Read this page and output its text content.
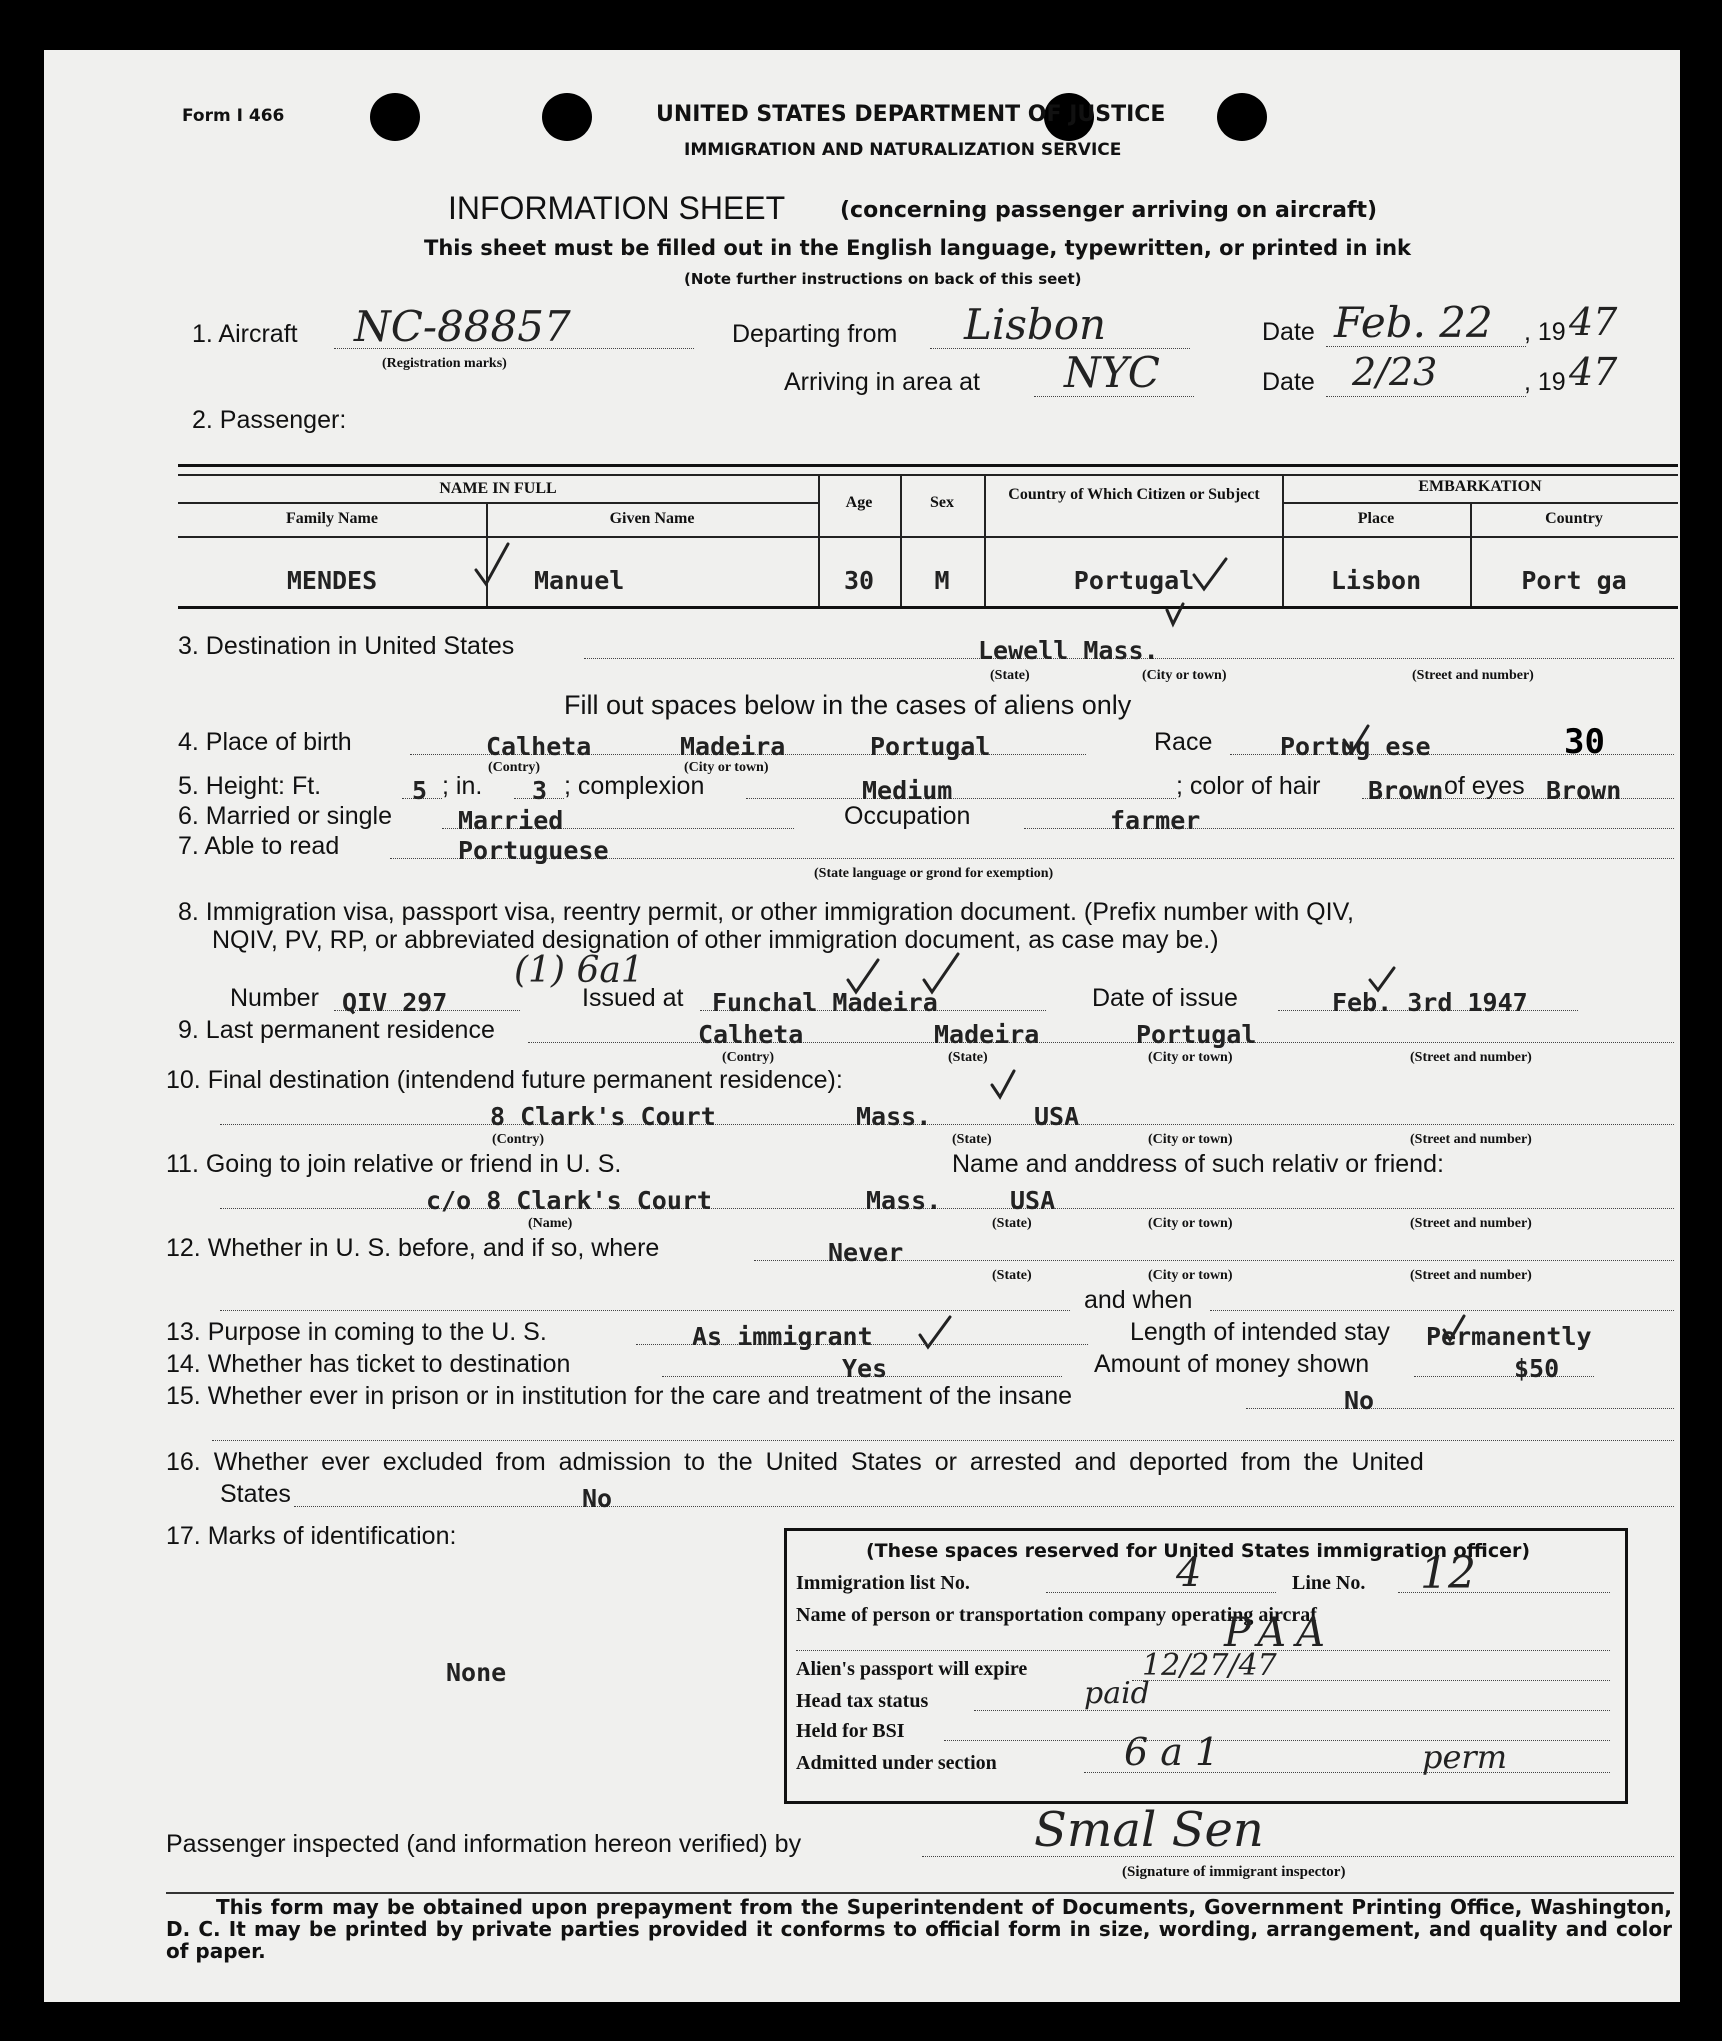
Form I 466	UNITED STATES DEPARTMENT OF JUSTICE
IMMIGRATION AND NATURALIZATION SERVICE
INFORMATION SHEET (concerning passenger arriving on aircraft)
This sheet must be filled out in the English language, typewritten, or printed in ink
(Note further instructions on back of this seet)
1. Aircraft NC-88857
(Registration marks)
Departing from Lisbon	Date Feb. 22 , 19 47
Arriving in area at NYC	Date 2/23	, 19 47
2. Passenger:
NAME IN FULL
Family Name	Given Name
Age	Sex	Country of Which Citizen or Subject	EMBARKATION
Place	Country
MENDES	Manuel	30	M	Portugal	Lisbon	Port ga
3. Destination in United States	Lewell Mass.
(State)	(City or town)	(Street and number)
Fill out spaces below in the cases of aliens only
4. Place of birth	Calheta	Madeira	Portugal
(Contry)	(City or town)
Race	Portug ese	30
5. Height: Ft.	5 ; in. 3 ; complexion	Medium	; color of hair Brown of eyes Brown
6. Married or single	Married	Occupation	farmer
7. Able to read	Portuguese
(State language or grond for exemption)
8. Immigration visa, passport visa, reentry permit, or other immigration document. (Prefix number with QIV,
NQIV, PV, RP, or abbreviated designation of other immigration document, as case may be.)
(1) 6a1
Number QIV 297	Issued at Funchal Madeira	Date of issue	Feb. 3rd 1947
9. Last permanent residence	Calheta	Madeira	Portugal
(Contry)	(State)	(City or town)	(Street and number)
10. Final destination (intendend future permanent residence):
8 Clark's Court	Mass.	USA
(Contry)	(State)	(City or town)	(Street and number)
11. Going to join relative or friend in U. S.	Name and anddress of such relativ or friend:
c/o 8 Clark's Court	Mass.	USA
(Name)	(State)	(City or town)	(Street and number)
12. Whether in U. S. before, and if so, where	Never
(State)	(City or town)	(Street and number)
and when
13. Purpose in coming to the U. S.	As immigrant	Length of intended stay Permanently
14. Whether has ticket to destination	Yes	Amount of money shown	$50
15. Whether ever in prison or in institution for the care and treatment of the insane	No
16. Whether ever excluded from admission to the United States or arrested and deported from the United
States	No
17. Marks of identification:
None
(These spaces reserved for United States immigration officer)
Immigration list No.	4	Line No. 12
Name of person or transportation company operating aircraf
PAA
Alien's passport will expire	12/27/47
Head tax status	paid
Held for BSI
Admitted under section	6 a 1	perm
Passenger inspected (and information hereon verified) by	Smal Sen
(Signature of immigrant inspector)
This form may be obtained upon prepayment from the Superintendent of Documents, Government Printing Office, Washington, D. C. It may be printed by private parties provided it conforms to official form in size, wording, arrangement, and quality and color of paper.
